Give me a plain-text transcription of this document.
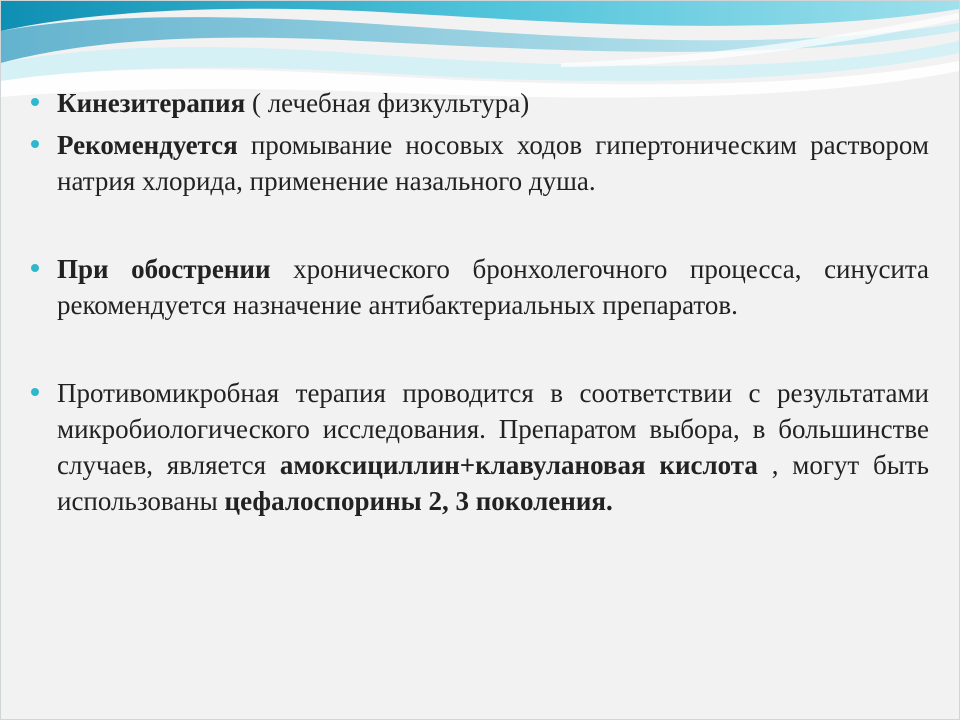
Кинезитерапия ( лечебная физкультура)
Рекомендуется промывание носовых ходов гипертоническим раствором натрия хлорида, применение назального душа.
При обострении хронического бронхолегочного процесса, синусита рекомендуется назначение антибактериальных препаратов.
Противомикробная терапия проводится в соответствии с результатами микробиологического исследования. Препаратом выбора, в большинстве случаев, является амоксициллин+клавулановая кислота , могут быть использованы цефалоспорины 2, 3 поколения.
